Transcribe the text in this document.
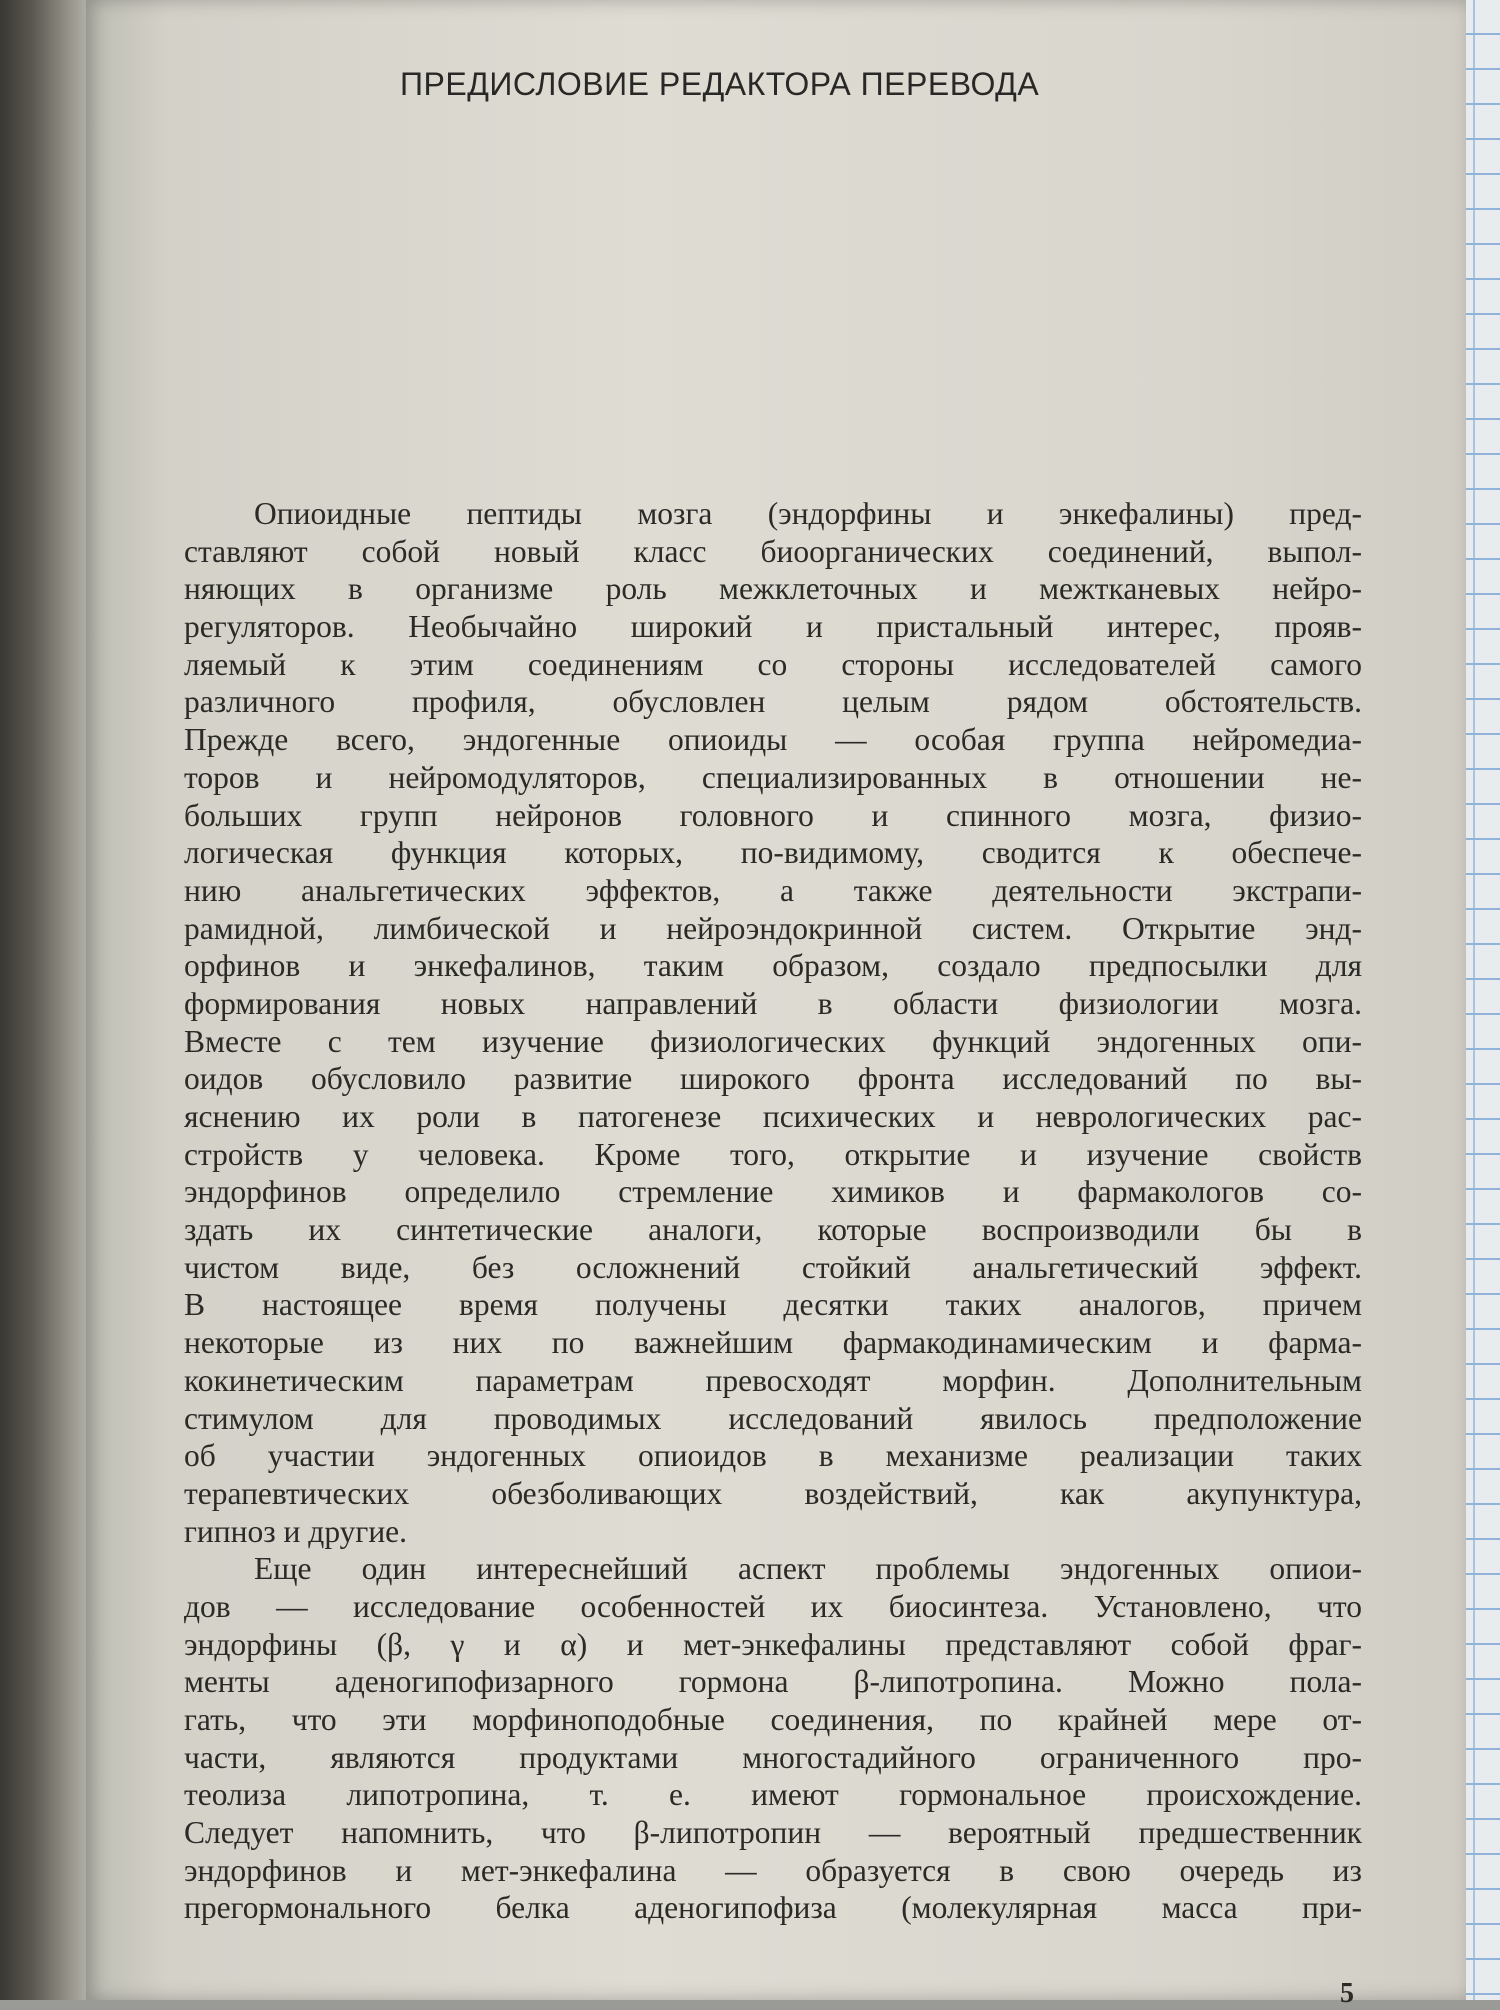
ПРЕДИСЛОВИЕ РЕДАКТОРА ПЕРЕВОДА
Опиоидные пептиды мозга (эндорфины и энкефалины) пред-
ставляют собой новый класс биоорганических соединений, выпол-
няющих в организме роль межклеточных и межтканевых нейро-
регуляторов. Необычайно широкий и пристальный интерес, прояв-
ляемый к этим соединениям со стороны исследователей самого
различного профиля, обусловлен целым рядом обстоятельств.
Прежде всего, эндогенные опиоиды — особая группа нейромедиа-
торов и нейромодуляторов, специализированных в отношении не-
больших групп нейронов головного и спинного мозга, физио-
логическая функция которых, по-видимому, сводится к обеспече-
нию анальгетических эффектов, а также деятельности экстрапи-
рамидной, лимбической и нейроэндокринной систем. Открытие энд-
орфинов и энкефалинов, таким образом, создало предпосылки для
формирования новых направлений в области физиологии мозга.
Вместе с тем изучение физиологических функций эндогенных опи-
оидов обусловило развитие широкого фронта исследований по вы-
яснению их роли в патогенезе психических и неврологических рас-
стройств у человека. Кроме того, открытие и изучение свойств
эндорфинов определило стремление химиков и фармакологов со-
здать их синтетические аналоги, которые воспроизводили бы в
чистом виде, без осложнений стойкий анальгетический эффект.
В настоящее время получены десятки таких аналогов, причем
некоторые из них по важнейшим фармакодинамическим и фарма-
кокинетическим параметрам превосходят морфин. Дополнительным
стимулом для проводимых исследований явилось предположение
об участии эндогенных опиоидов в механизме реализации таких
терапевтических обезболивающих воздействий, как акупунктура,
гипноз и другие.
Еще один интереснейший аспект проблемы эндогенных опиои-
дов — исследование особенностей их биосинтеза. Установлено, что
эндорфины (β, γ и α) и мет-энкефалины представляют собой фраг-
менты аденогипофизарного гормона β-липотропина. Можно пола-
гать, что эти морфиноподобные соединения, по крайней мере от-
части, являются продуктами многостадийного ограниченного про-
теолиза липотропина, т. е. имеют гормональное происхождение.
Следует напомнить, что β-липотропин — вероятный предшественник
эндорфинов и мет-энкефалина — образуется в свою очередь из
прегормонального белка аденогипофиза (молекулярная масса при-
5
